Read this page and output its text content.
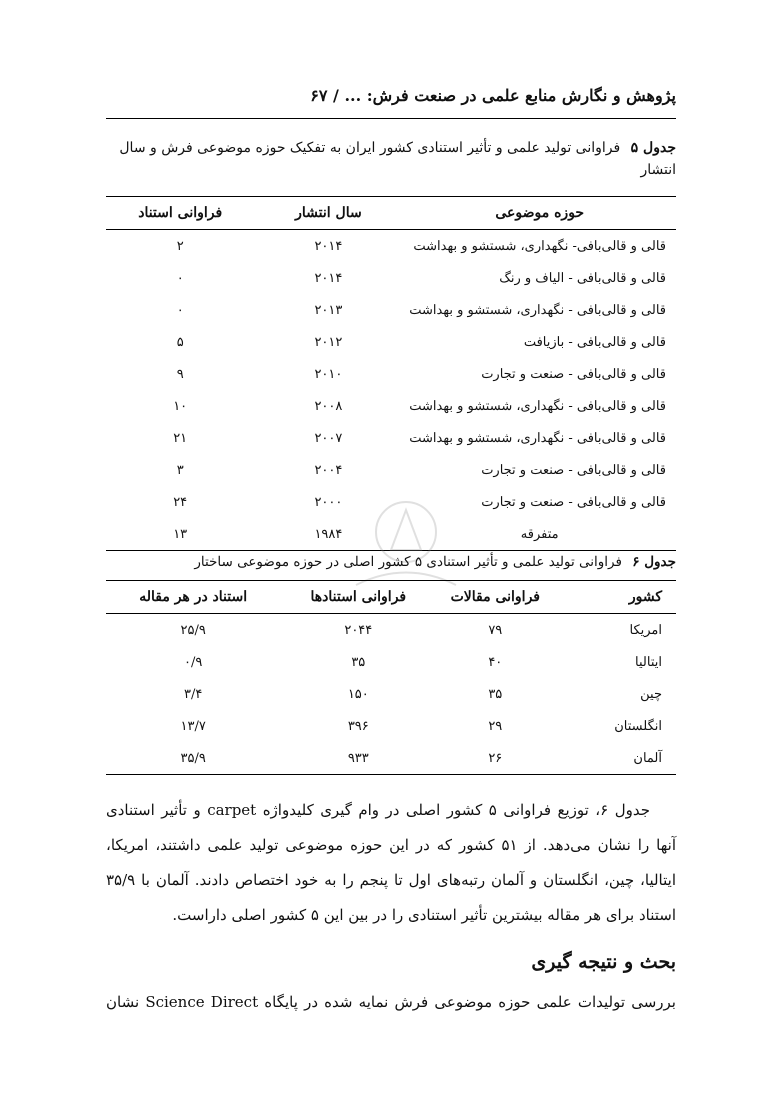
پژوهش و نگارش منابع علمی در صنعت فرش: ... / ۶۷
جدول ۵ فراوانی تولید علمی و تأثیر استنادی کشور ایران به تفکیک حوزه موضوعی فرش و سال انتشار
حوزه موضوعی	سال انتشار	فراوانی استناد
قالی و قالی‌بافی- نگهداری، شستشو و بهداشت	۲۰۱۴	۲
قالی و قالی‌بافی - الیاف و رنگ	۲۰۱۴	۰
قالی و قالی‌بافی - نگهداری، شستشو و بهداشت	۲۰۱۳	۰
قالی و قالی‌بافی - بازیافت	۲۰۱۲	۵
قالی و قالی‌بافی - صنعت و تجارت	۲۰۱۰	۹
قالی و قالی‌بافی - نگهداری، شستشو و بهداشت	۲۰۰۸	۱۰
قالی و قالی‌بافی - نگهداری، شستشو و بهداشت	۲۰۰۷	۲۱
قالی و قالی‌بافی - صنعت و تجارت	۲۰۰۴	۳
قالی و قالی‌بافی - صنعت و تجارت	۲۰۰۰	۲۴
متفرقه	۱۹۸۴	۱۳
جدول ۶ فراوانی تولید علمی و تأثیر استنادی ۵ کشور اصلی در حوزه موضوعی ساختار
کشور	فراوانی مقالات	فراوانی استنادها	استناد در هر مقاله
امریکا	۷۹	۲۰۴۴	۲۵/۹
ایتالیا	۴۰	۳۵	۰/۹
چین	۳۵	۱۵۰	۳/۴
انگلستان	۲۹	۳۹۶	۱۳/۷
آلمان	۲۶	۹۳۳	۳۵/۹

جدول ۶، توزیع فراوانی ۵ کشور اصلی در وام گیری کلیدواژه carpet و تأثیر استنادی آنها را نشان می‌دهد. از ۵۱ کشور که در این حوزه موضوعی تولید علمی داشتند، امریکا، ایتالیا، چین، انگلستان و آلمان رتبه‌های اول تا پنجم را به خود اختصاص دادند. آلمان با ۳۵/۹ استناد برای هر مقاله بیشترین تأثیر استنادی را در بین این ۵ کشور اصلی داراست.

بحث و نتیجه گیری

بررسی تولیدات علمی حوزه موضوعی فرش نمایه شده در پایگاه Science Direct نشان
